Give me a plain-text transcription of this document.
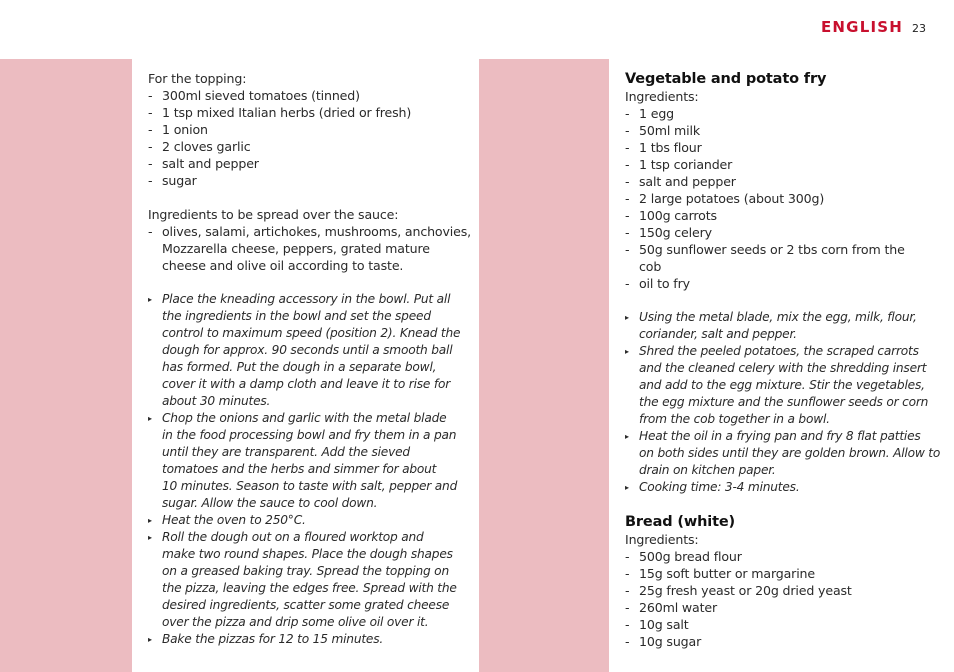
ENGLISH 23
For the topping:
- 300ml sieved tomatoes (tinned)
- 1 tsp mixed Italian herbs (dried or fresh)
- 1 onion
- 2 cloves garlic
- salt and pepper
- sugar
Ingredients to be spread over the sauce:
- olives, salami, artichokes, mushrooms, anchovies,
Mozzarella cheese, peppers, grated mature
cheese and olive oil according to taste.
▸ Place the kneading accessory in the bowl. Put all
the ingredients in the bowl and set the speed
control to maximum speed (position 2). Knead the
dough for approx. 90 seconds until a smooth ball
has formed. Put the dough in a separate bowl,
cover it with a damp cloth and leave it to rise for
about 30 minutes.
▸ Chop the onions and garlic with the metal blade
in the food processing bowl and fry them in a pan
until they are transparent. Add the sieved
tomatoes and the herbs and simmer for about
10 minutes. Season to taste with salt, pepper and
sugar. Allow the sauce to cool down.
▸ Heat the oven to 250°C.
▸ Roll the dough out on a floured worktop and
make two round shapes. Place the dough shapes
on a greased baking tray. Spread the topping on
the pizza, leaving the edges free. Spread with the
desired ingredients, scatter some grated cheese
over the pizza and drip some olive oil over it.
▸ Bake the pizzas for 12 to 15 minutes.
Vegetable and potato fry
Ingredients:
- 1 egg
- 50ml milk
- 1 tbs flour
- 1 tsp coriander
- salt and pepper
- 2 large potatoes (about 300g)
- 100g carrots
- 150g celery
- 50g sunflower seeds or 2 tbs corn from the
cob
- oil to fry
▸ Using the metal blade, mix the egg, milk, flour,
coriander, salt and pepper.
▸ Shred the peeled potatoes, the scraped carrots
and the cleaned celery with the shredding insert
and add to the egg mixture. Stir the vegetables,
the egg mixture and the sunflower seeds or corn
from the cob together in a bowl.
▸ Heat the oil in a frying pan and fry 8 flat patties
on both sides until they are golden brown. Allow to
drain on kitchen paper.
▸ Cooking time: 3-4 minutes.
Bread (white)
Ingredients:
- 500g bread flour
- 15g soft butter or margarine
- 25g fresh yeast or 20g dried yeast
- 260ml water
- 10g salt
- 10g sugar
